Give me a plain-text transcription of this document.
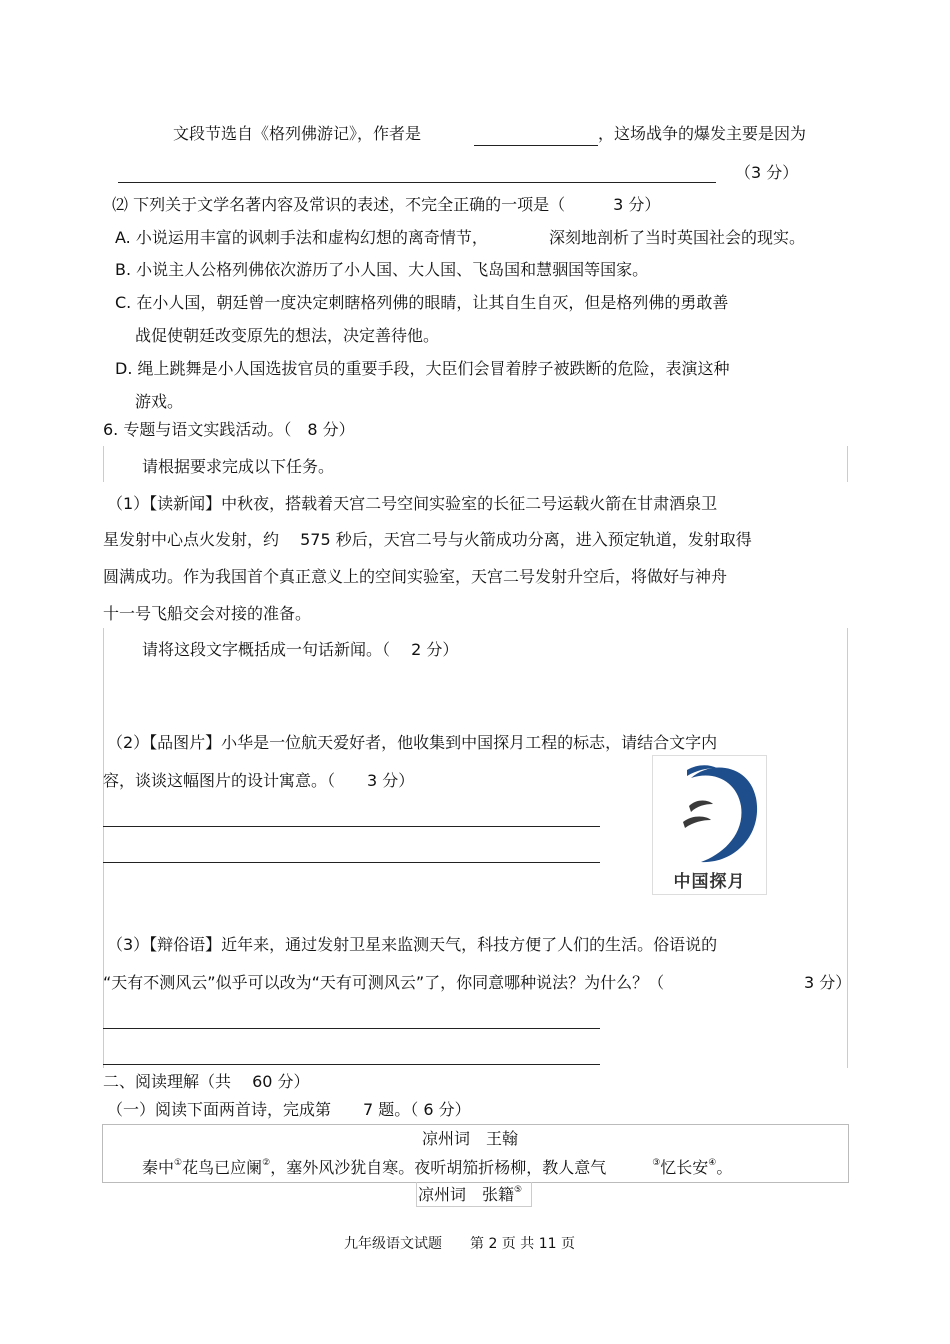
文段节选自《格列佛游记》，作者是	，这场战争的爆发主要是因为
（3 分）
⑵ 下列关于文学名著内容及常识的表述，不完全正确的一项是（　　　3 分）
A. 小说运用丰富的讽刺手法和虚构幻想的离奇情节，	深刻地剖析了当时英国社会的现实。
B. 小说主人公格列佛依次游历了小人国、大人国、飞岛国和慧骃国等国家。
C. 在小人国，朝廷曾一度决定刺瞎格列佛的眼睛，让其自生自灭，但是格列佛的勇敢善
战促使朝廷改变原先的想法，决定善待他。
D. 绳上跳舞是小人国选拔官员的重要手段，大臣们会冒着脖子被跌断的危险，表演这种
游戏。
6. 专题与语文实践活动。（　8 分）
请根据要求完成以下任务。
（1）【读新闻】中秋夜，搭载着天宫二号空间实验室的长征二号运载火箭在甘肃酒泉卫
星发射中心点火发射，约　 575 秒后，天宫二号与火箭成功分离，进入预定轨道，发射取得
圆满成功。作为我国首个真正意义上的空间实验室，天宫二号发射升空后，将做好与神舟
十一号飞船交会对接的准备。
请将这段文字概括成一句话新闻。（　 2 分）
（2）【品图片】小华是一位航天爱好者，他收集到中国探月工程的标志，请结合文字内
容，谈谈这幅图片的设计寓意。（　　3 分）
中国探月
（3）【辩俗语】近年来，通过发射卫星来监测天气，科技方便了人们的生活。俗语说的
“天有不测风云”似乎可以改为“天有可测风云”了，你同意哪种说法？为什么？（	3 分）
二、阅读理解（共　 60 分）
（一）阅读下面两首诗，完成第　　7 题。（ 6 分）
凉州词　王翰
秦中①花鸟已应阑②，塞外风沙犹自寒。夜听胡笳折杨柳，教人意气	③忆长安④。
凉州词　张籍⑤
九年级语文试题　　第 2 页 共 11 页
